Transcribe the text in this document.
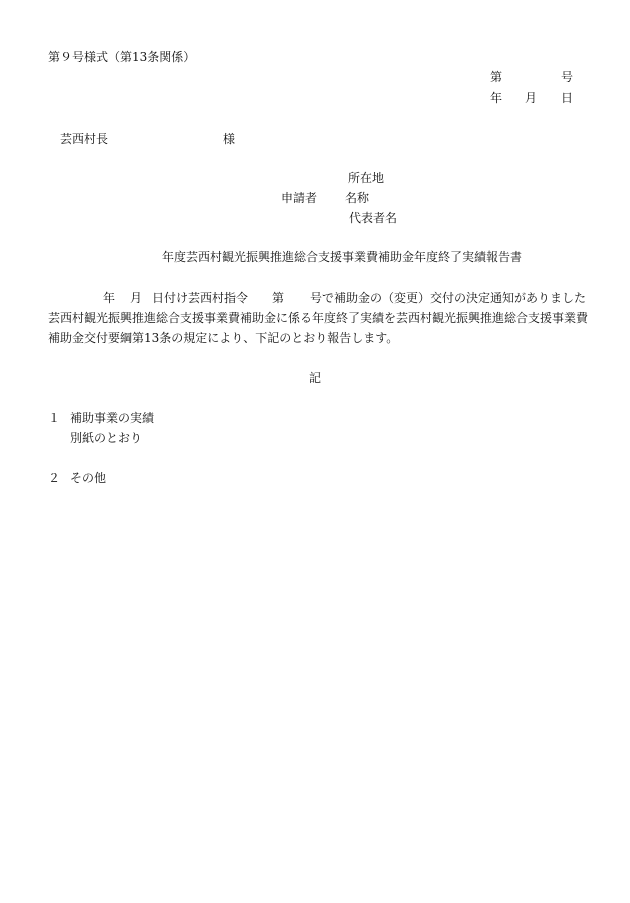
第９号様式（第13条関係）
第	号
年 月 日
芸西村長	様
所在地
申請者 名称
代表者名
年度芸西村観光振興推進総合支援事業費補助金年度終了実績報告書
年 月 日付け芸西村指令 第 号で補助金の（変更）交付の決定通知がありました
芸西村観光振興推進総合支援事業費補助金に係る年度終了実績を芸西村観光振興推進総合支援事業費
補助金交付要綱第13条の規定により、下記のとおり報告します。
記
１ 補助事業の実績
別紙のとおり
２ その他
